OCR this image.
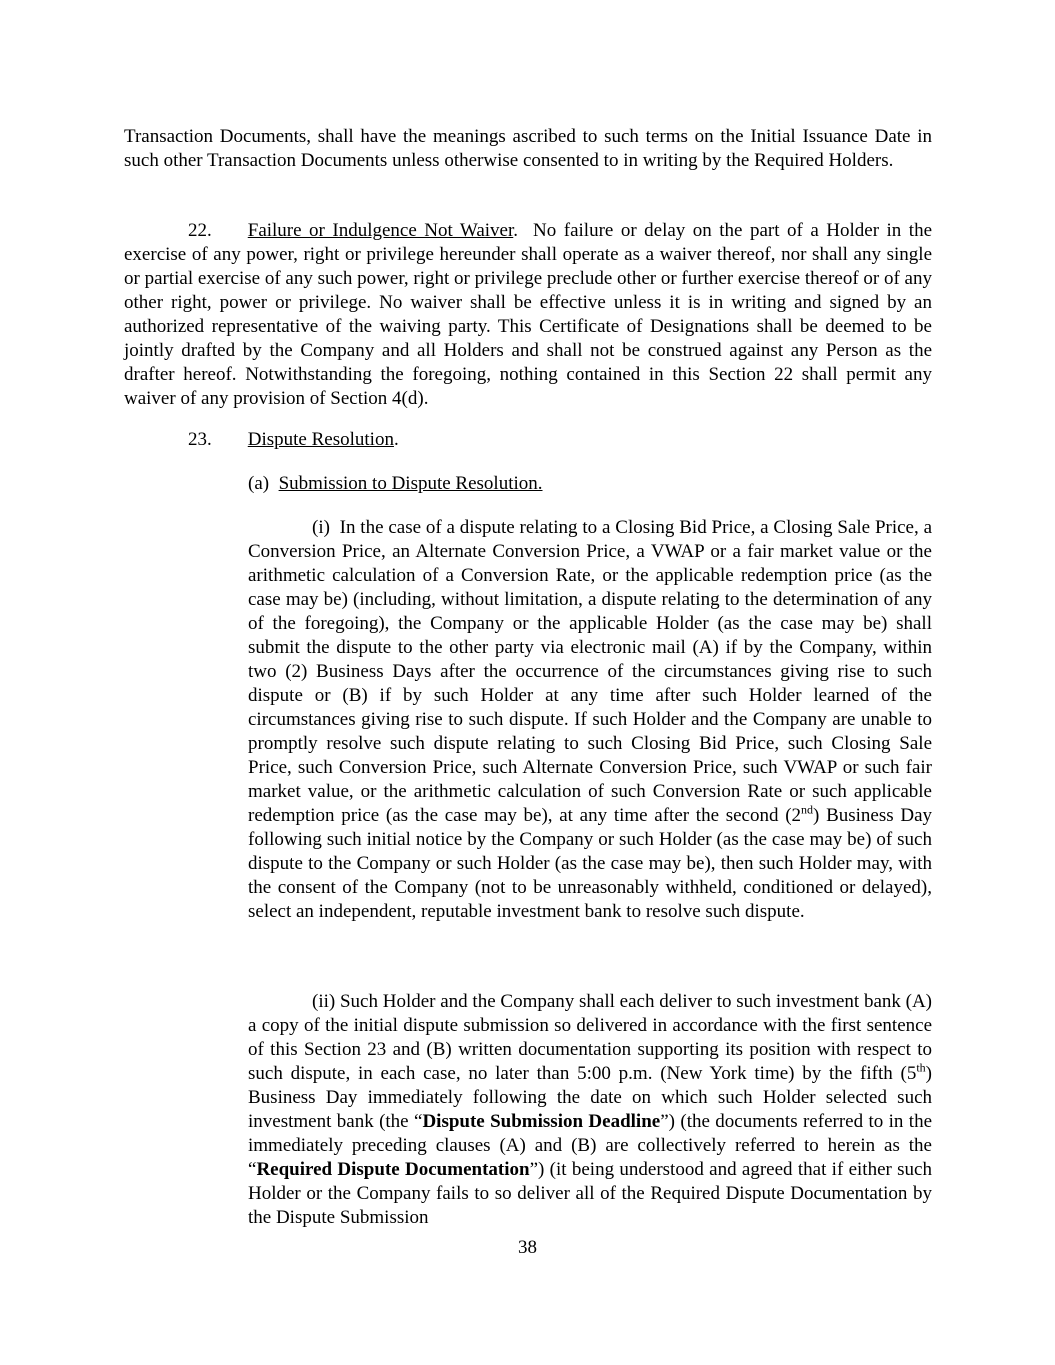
Transaction Documents, shall have the meanings ascribed to such terms on the Initial Issuance Date in such other Transaction Documents unless otherwise consented to in writing by the Required Holders.
22. Failure or Indulgence Not Waiver. No failure or delay on the part of a Holder in the exercise of any power, right or privilege hereunder shall operate as a waiver thereof, nor shall any single or partial exercise of any such power, right or privilege preclude other or further exercise thereof or of any other right, power or privilege. No waiver shall be effective unless it is in writing and signed by an authorized representative of the waiving party. This Certificate of Designations shall be deemed to be jointly drafted by the Company and all Holders and shall not be construed against any Person as the drafter hereof. Notwithstanding the foregoing, nothing contained in this Section 22 shall permit any waiver of any provision of Section 4(d).
23. Dispute Resolution.
(a) Submission to Dispute Resolution.
(i) In the case of a dispute relating to a Closing Bid Price, a Closing Sale Price, a Conversion Price, an Alternate Conversion Price, a VWAP or a fair market value or the arithmetic calculation of a Conversion Rate, or the applicable redemption price (as the case may be) (including, without limitation, a dispute relating to the determination of any of the foregoing), the Company or the applicable Holder (as the case may be) shall submit the dispute to the other party via electronic mail (A) if by the Company, within two (2) Business Days after the occurrence of the circumstances giving rise to such dispute or (B) if by such Holder at any time after such Holder learned of the circumstances giving rise to such dispute. If such Holder and the Company are unable to promptly resolve such dispute relating to such Closing Bid Price, such Closing Sale Price, such Conversion Price, such Alternate Conversion Price, such VWAP or such fair market value, or the arithmetic calculation of such Conversion Rate or such applicable redemption price (as the case may be), at any time after the second (2nd) Business Day following such initial notice by the Company or such Holder (as the case may be) of such dispute to the Company or such Holder (as the case may be), then such Holder may, with the consent of the Company (not to be unreasonably withheld, conditioned or delayed), select an independent, reputable investment bank to resolve such dispute.
(ii) Such Holder and the Company shall each deliver to such investment bank (A) a copy of the initial dispute submission so delivered in accordance with the first sentence of this Section 23 and (B) written documentation supporting its position with respect to such dispute, in each case, no later than 5:00 p.m. (New York time) by the fifth (5th) Business Day immediately following the date on which such Holder selected such investment bank (the “Dispute Submission Deadline”) (the documents referred to in the immediately preceding clauses (A) and (B) are collectively referred to herein as the “Required Dispute Documentation”) (it being understood and agreed that if either such Holder or the Company fails to so deliver all of the Required Dispute Documentation by the Dispute Submission
38
